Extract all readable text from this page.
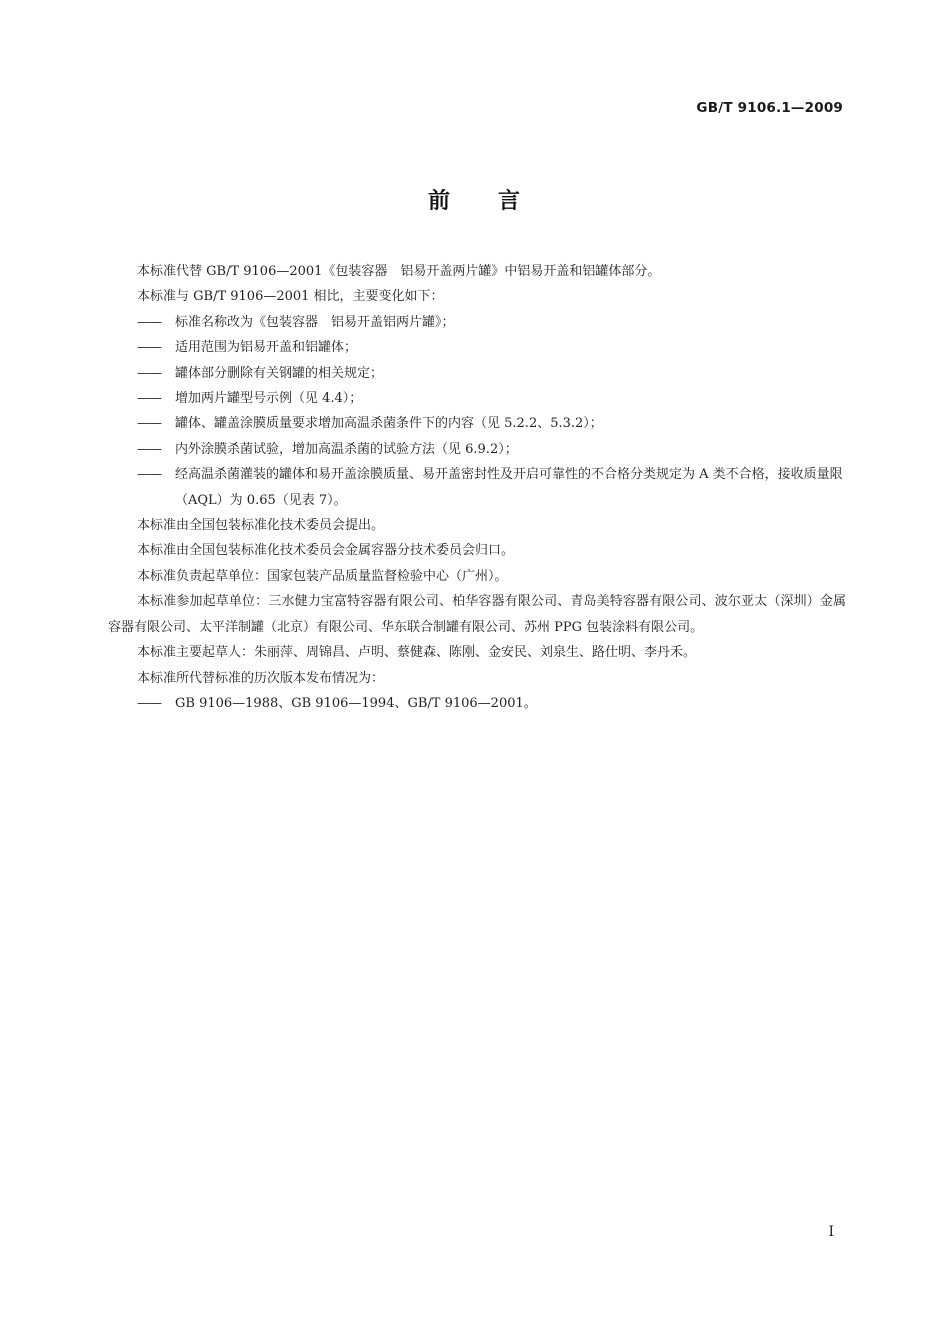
GB/T 9106.1—2009
前 言

本标准代替 GB/T 9106—2001《包装容器　铝易开盖两片罐》中铝易开盖和铝罐体部分。

本标准与 GB/T 9106—2001 相比，主要变化如下：

—— 标准名称改为《包装容器　铝易开盖铝两片罐》；

—— 适用范围为铝易开盖和铝罐体；

—— 罐体部分删除有关钢罐的相关规定；

—— 增加两片罐型号示例（见 4.4）；

—— 罐体、罐盖涂膜质量要求增加高温杀菌条件下的内容（见 5.2.2、5.3.2）；

—— 内外涂膜杀菌试验，增加高温杀菌的试验方法（见 6.9.2）；

—— 经高温杀菌灌装的罐体和易开盖涂膜质量、易开盖密封性及开启可靠性的不合格分类规定为 A 类不合格，接收质量限（AQL）为 0.65（见表 7）。

本标准由全国包装标准化技术委员会提出。

本标准由全国包装标准化技术委员会金属容器分技术委员会归口。

本标准负责起草单位：国家包装产品质量监督检验中心（广州）。

本标准参加起草单位：三水健力宝富特容器有限公司、柏华容器有限公司、青岛美特容器有限公司、波尔亚太（深圳）金属容器有限公司、太平洋制罐（北京）有限公司、华东联合制罐有限公司、苏州 PPG 包装涂料有限公司。

本标准主要起草人：朱丽萍、周锦昌、卢明、蔡健森、陈刚、金安民、刘泉生、路仕明、李丹禾。

本标准所代替标准的历次版本发布情况为：

—— GB 9106—1988、GB 9106—1994、GB/T 9106—2001。

I
